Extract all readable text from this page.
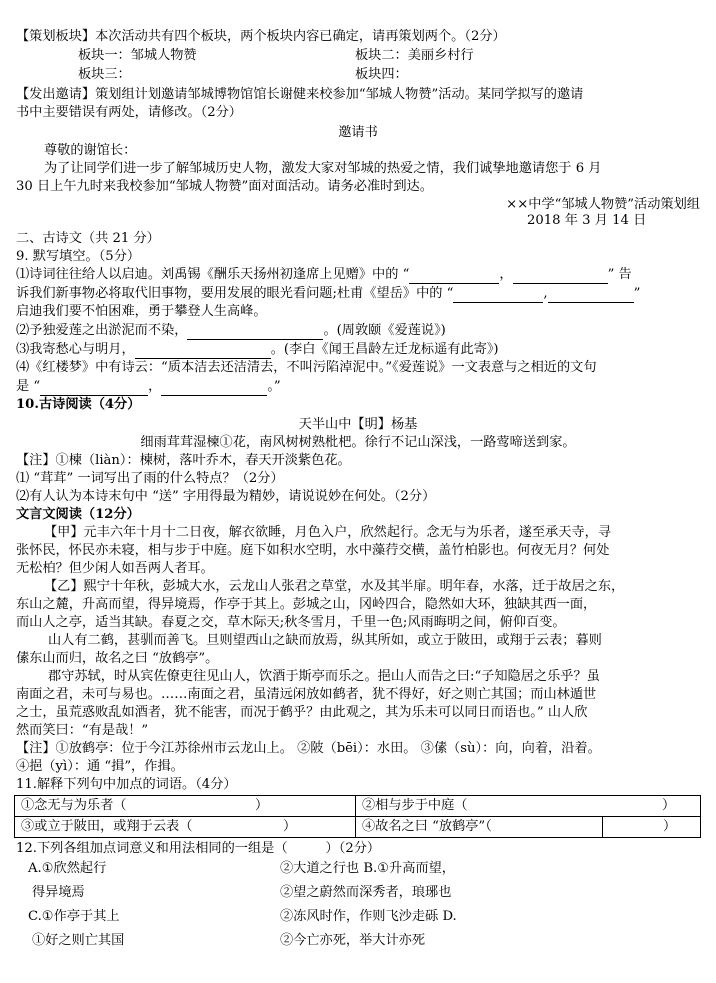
【策划板块】本次活动共有四个板块，两个板块内容已确定，请再策划两个。（2分）
板块一：邹城人物赞	板块二：美丽乡村行
板块三：	板块四：
【发出邀请】策划组计划邀请邹城博物馆馆长谢健来校参加“邹城人物赞”活动。某同学拟写的邀请
书中主要错误有两处，请修改。（2分）
邀请书
尊敬的谢馆长：
为了让同学们进一步了解邹城历史人物，激发大家对邹城的热爱之情，我们诚挚地邀请您于 6 月
30 日上午九时来我校参加“邹城人物赞”面对面活动。请务必准时到达。
××中学“邹城人物赞”活动策划组
2018 年 3 月 14 日
二、古诗文（共 21 分）
9. 默写填空。（5分）
⑴诗词往往给人以启迪。刘禹锡《酬乐天扬州初逢席上见赠》中的 “	，	” 告
诉我们新事物必将取代旧事物，要用发展的眼光看问题;杜甫《望岳》中的 “	,	”
启迪我们要不怕困难，勇于攀登人生高峰。
⑵予独爱莲之出淤泥而不染，	。(周敦颐《爱莲说》)
⑶我寄愁心与明月，	。(李白《闻王昌龄左迁龙标遥有此寄》)
⑷《红楼梦》中有诗云：“质本洁去还洁清去，不叫污陷淖泥中。”《爱莲说》一文表意与之相近的文句
是 “	，	。”
10.古诗阅读（4分）
天半山中【明】杨基
细雨茸茸湿楝①花，南风树树熟枇杷。徐行不记山深浅，一路莺啼送到家。
【注】①楝（liàn）：楝树，落叶乔木，春天开淡紫色花。
⑴ “茸茸” 一词写出了雨的什么特点？（2分）
⑵有人认为本诗末句中 “送” 字用得最为精妙，请说说妙在何处。（2分）
文言文阅读（12分）
【甲】元丰六年十月十二日夜，解衣欲睡，月色入户，欣然起行。念无与为乐者，遂至承天寺，寻
张怀民，怀民亦未寝，相与步于中庭。庭下如积水空明，水中藻荇交横，盖竹柏影也。何夜无月？何处
无松柏？但少闲人如吾两人者耳。
【乙】熙宁十年秋，彭城大水，云龙山人张君之草堂，水及其半扉。明年春，水落，迁于故居之东，
东山之麓，升高而望，得异境焉，作亭于其上。彭城之山，冈岭四合，隐然如大环，独缺其西一面，
而山人之亭，适当其缺。春夏之交，草木际天;秋冬雪月，千里一色;风雨晦明之间，俯仰百变。
山人有二鹤，甚驯而善飞。旦则望西山之缺而放焉，纵其所如，或立于陂田，或翔于云表；暮则
傃东山而归，故名之曰 “放鹤亭”。
郡守苏轼，时从宾佐僚吏往见山人，饮酒于斯亭而乐之。挹山人而告之曰:“子知隐居之乐乎？虽
南面之君，未可与易也。……南面之君，虽清远闲放如鹤者，犹不得好，好之则亡其国；而山林遁世
之士，虽荒惑败乱如酒者，犹不能害，而况于鹤乎？由此观之，其为乐未可以同日而语也。” 山人欣
然而笑曰：“有是哉！”
【注】①放鹤亭：位于今江苏徐州市云龙山上。 ②陂（bēi）：水田。 ③傃（sù）：向，向着，沿着。
④挹（yì）：通 “揖”，作揖。
11.解释下列句中加点的词语。（4分）
①念无与为乐者（	）	②相与步于中庭（	）
③或立于陂田，或翔于云表（	）	④故名之曰 “放鹤亭”（	）
12.下列各组加点词意义和用法相同的一组是（	）（2分）
A.①欣然起行	②大道之行也 B.①升高而望，
得异境焉	②望之蔚然而深秀者，琅琊也
C.①作亭于其上	②冻风时作，作则飞沙走砾 D.
①好之则亡其国	②今亡亦死，举大计亦死
